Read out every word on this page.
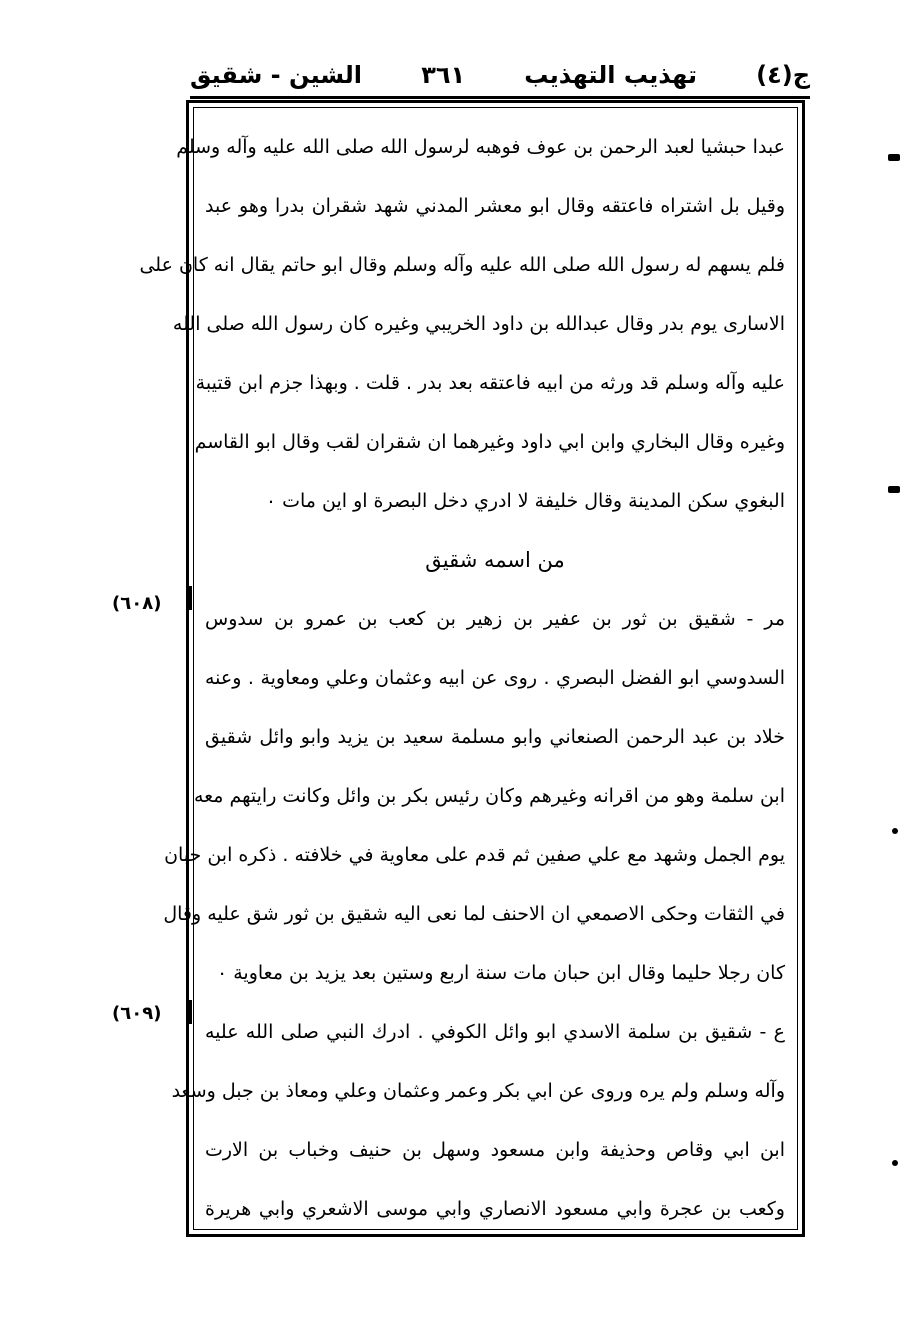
ج(٤)
تهذيب التهذيب
٣٦١
الشين - شقيق
عبدا حبشيا لعبد الرحمن بن عوف فوهبه لرسول الله صلى الله عليه وآله وسلم
وقيل بل اشتراه فاعتقه وقال ابو معشر المدني شهد شقران بدرا وهو عبد
فلم يسهم له رسول الله صلى الله عليه وآله وسلم وقال ابو حاتم يقال انه كان على
الاسارى يوم بدر وقال عبدالله بن داود الخريبي وغيره كان رسول الله صلى الله
عليه وآله وسلم قد ورثه من ابيه فاعتقه بعد بدر . قلت . وبهذا جزم ابن قتيبة
وغيره وقال البخاري وابن ابي داود وغيرهما ان شقران لقب وقال ابو القاسم
البغوي سكن المدينة وقال خليفة لا ادري دخل البصرة او اين مات ٠
من اسمه شقيق
مر - شقيق بن ثور بن عفير بن زهير بن كعب بن عمرو بن سدوس
السدوسي ابو الفضل البصري . روى عن ابيه وعثمان وعلي ومعاوية . وعنه
خلاد بن عبد الرحمن الصنعاني وابو مسلمة سعيد بن يزيد وابو وائل شقيق
ابن سلمة وهو من اقرانه وغيرهم وكان رئيس بكر بن وائل وكانت رايتهم معه
يوم الجمل وشهد مع علي صفين ثم قدم على معاوية في خلافته . ذكره ابن حبان
في الثقات وحكى الاصمعي ان الاحنف لما نعى اليه شقيق بن ثور شق عليه وقال
كان رجلا حليما وقال ابن حبان مات سنة اربع وستين بعد يزيد بن معاوية ٠
ع - شقيق بن سلمة الاسدي ابو وائل الكوفي . ادرك النبي صلى الله عليه
وآله وسلم ولم يره وروى عن ابي بكر وعمر وعثمان وعلي ومعاذ بن جبل وسعد
ابن ابي وقاص وحذيفة وابن مسعود وسهل بن حنيف وخباب بن الارت
وكعب بن عجرة وابي مسعود الانصاري وابي موسى الاشعري وابي هريرة
(٦٠٨)
(٦٠٩)
